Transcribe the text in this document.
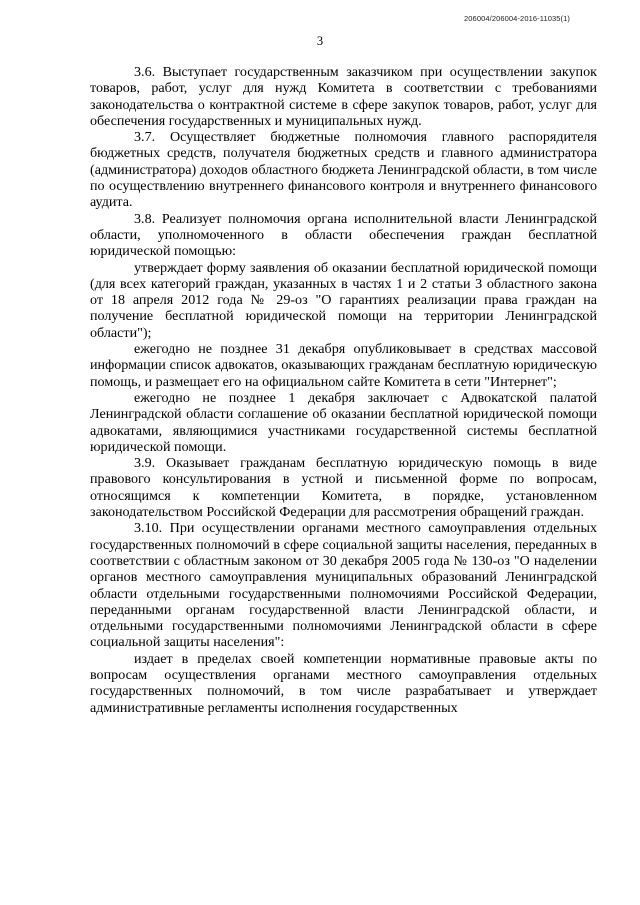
206004/206004-2016-11035(1)
3

3.6. Выступает государственным заказчиком при осуществлении закупок товаров, работ, услуг для нужд Комитета в соответствии с требованиями законодательства о контрактной системе в сфере закупок товаров, работ, услуг для обеспечения государственных и муниципальных нужд.

3.7. Осуществляет бюджетные полномочия главного распорядителя бюджетных средств, получателя бюджетных средств и главного администратора (администратора) доходов областного бюджета Ленинградской области, в том числе по осуществлению внутреннего финансового контроля и внутреннего финансового аудита.

3.8. Реализует полномочия органа исполнительной власти Ленинградской области, уполномоченного в области обеспечения граждан бесплатной юридической помощью:

утверждает форму заявления об оказании бесплатной юридической помощи (для всех категорий граждан, указанных в частях 1 и 2 статьи 3 областного закона от 18 апреля 2012 года № 29-оз "О гарантиях реализации права граждан на получение бесплатной юридической помощи на территории Ленинградской области");

ежегодно не позднее 31 декабря опубликовывает в средствах массовой информации список адвокатов, оказывающих гражданам бесплатную юридическую помощь, и размещает его на официальном сайте Комитета в сети "Интернет";

ежегодно не позднее 1 декабря заключает с Адвокатской палатой Ленинградской области соглашение об оказании бесплатной юридической помощи адвокатами, являющимися участниками государственной системы бесплатной юридической помощи.

3.9. Оказывает гражданам бесплатную юридическую помощь в виде правового консультирования в устной и письменной форме по вопросам, относящимся к компетенции Комитета, в порядке, установленном законодательством Российской Федерации для рассмотрения обращений граждан.

3.10. При осуществлении органами местного самоуправления отдельных государственных полномочий в сфере социальной защиты населения, переданных в соответствии с областным законом от 30 декабря 2005 года № 130-оз "О наделении органов местного самоуправления муниципальных образований Ленинградской области отдельными государственными полномочиями Российской Федерации, переданными органам государственной власти Ленинградской области, и отдельными государственными полномочиями Ленинградской области в сфере социальной защиты населения":

издает в пределах своей компетенции нормативные правовые акты по вопросам осуществления органами местного самоуправления отдельных государственных полномочий, в том числе разрабатывает и утверждает административные регламенты исполнения государственных
